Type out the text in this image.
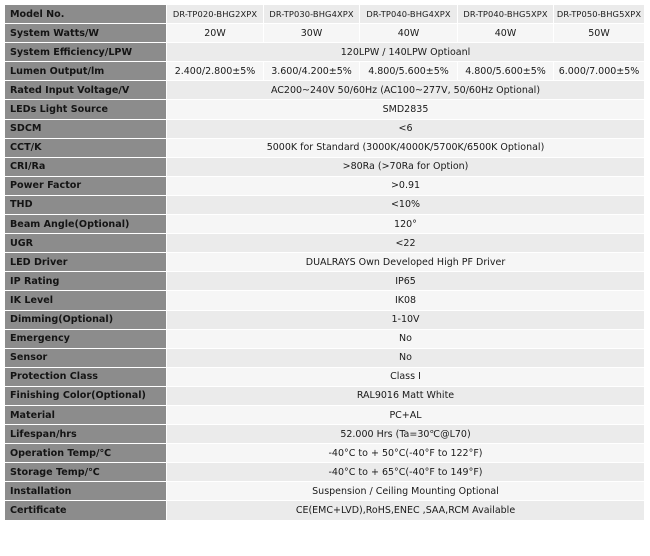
Model No.	DR-TP020-BHG2XPX	DR-TP030-BHG4XPX	DR-TP040-BHG4XPX	DR-TP040-BHG5XPX	DR-TP050-BHG5XPX
System Watts/W	20W	30W	40W	40W	50W
System Efficiency/LPW	120LPW / 140LPW Optioanl				
Lumen Output/lm	2.400/2.800±5%	3.600/4.200±5%	4.800/5.600±5%	4.800/5.600±5%	6.000/7.000±5%
Rated Input Voltage/V	AC200~240V 50/60Hz (AC100~277V, 50/60Hz Optional)				
LEDs Light Source	SMD2835				
SDCM	<6				
CCT/K	5000K for Standard (3000K/4000K/5700K/6500K Optional)				
CRI/Ra	>80Ra (>70Ra for Option)				
Power Factor	>0.91				
THD	<10%				
Beam Angle(Optional)	120°				
UGR	<22				
LED Driver	DUALRAYS Own Developed High PF Driver				
IP Rating	IP65				
IK Level	IK08				
Dimming(Optional)	1-10V				
Emergency	No				
Sensor	No				
Protection Class	Class Ⅰ				
Finishing Color(Optional)	RAL9016 Matt White				
Material	PC+AL				
Lifespan/hrs	52.000 Hrs (Ta=30℃@L70)				
Operation Temp/℃	-40°C to + 50°C(-40°F to 122°F)				
Storage Temp/℃	-40°C to + 65°C(-40°F to 149°F)				
Installation	Suspension / Ceiling Mounting Optional				
Certificate	CE(EMC+LVD),RoHS,ENEC ,SAA,RCM Available				
